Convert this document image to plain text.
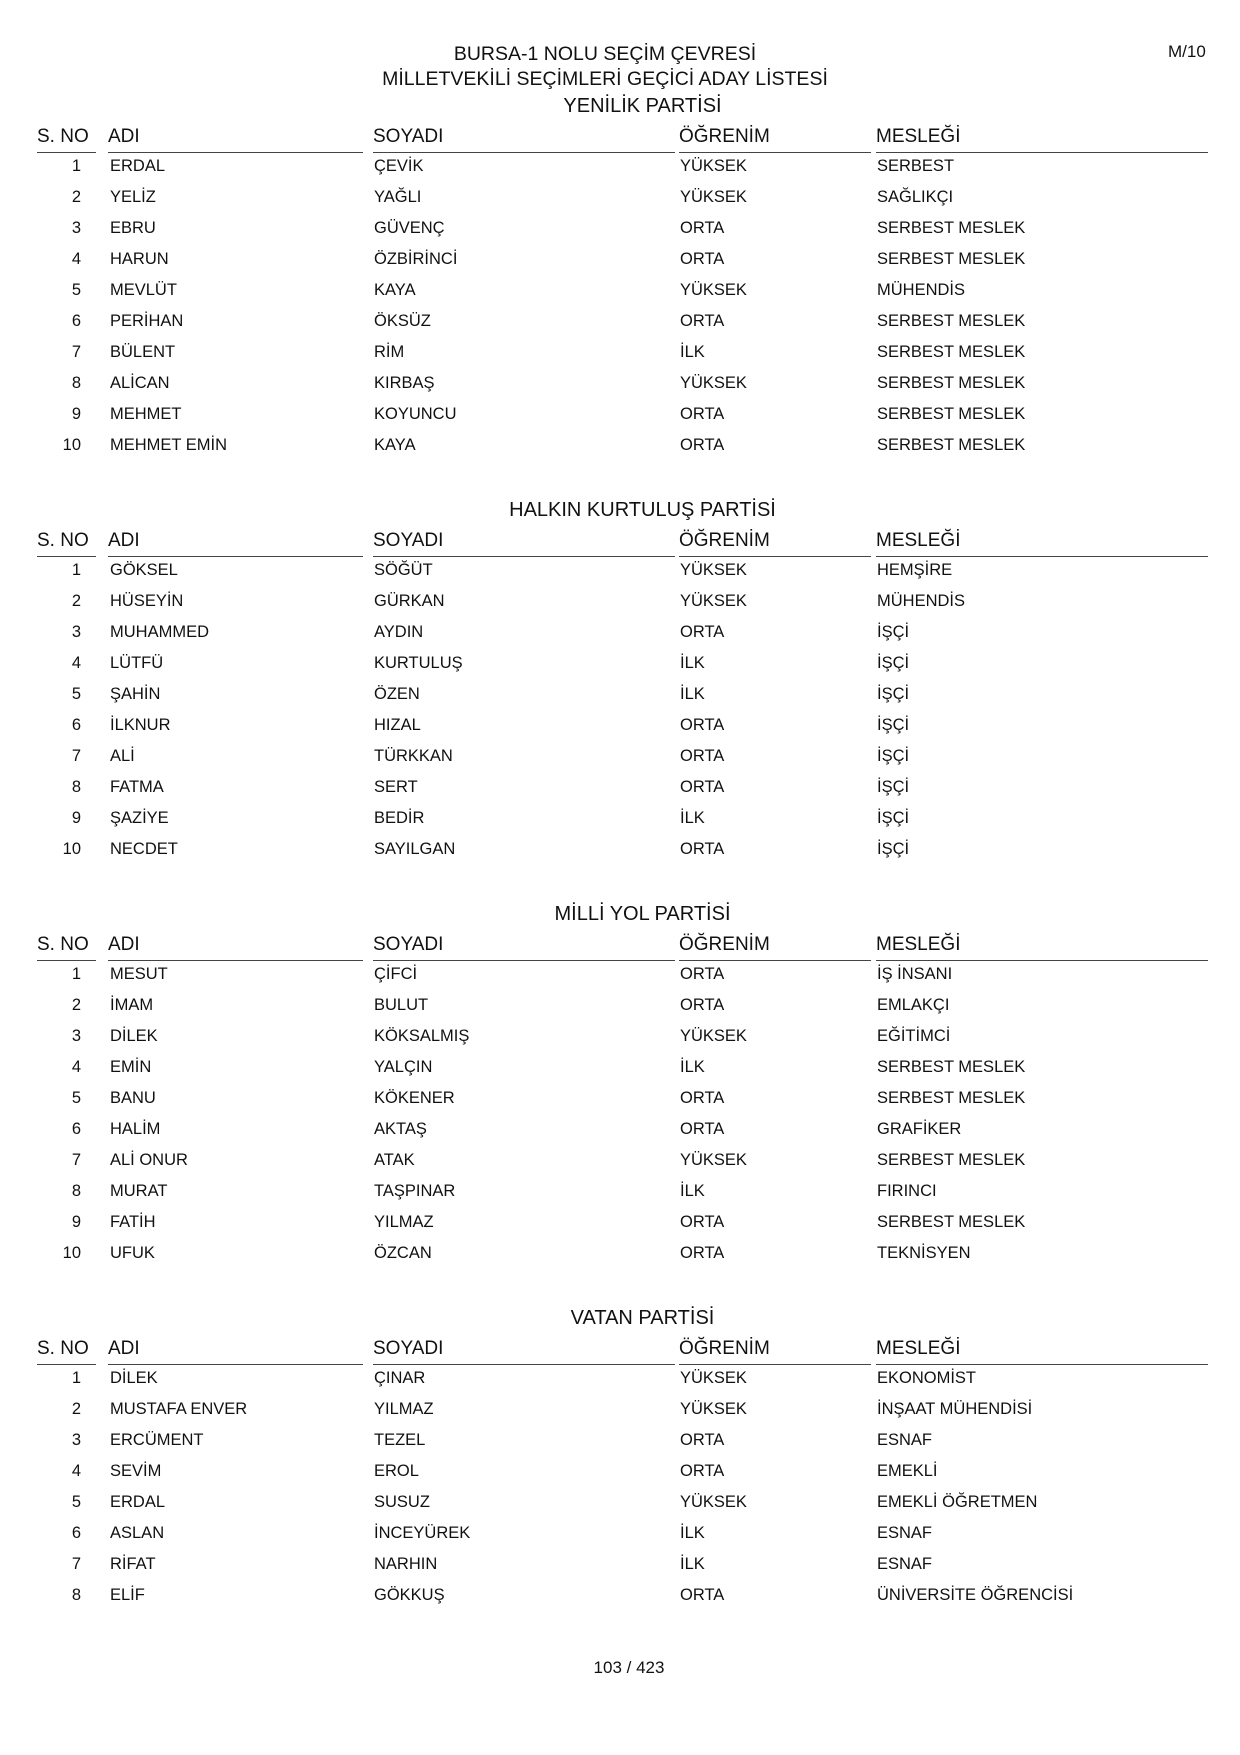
M/10
BURSA-1 NOLU SEÇİM ÇEVRESİ
MİLLETVEKİLİ SEÇİMLERİ GEÇİCİ ADAY LİSTESİ
YENİLİK PARTİSİ
S. NO	ADI	SOYADI	ÖĞRENİM	MESLEĞİ
1 ERDAL	ÇEVİK	YÜKSEK	SERBEST
2 YELİZ	YAĞLI	YÜKSEK	SAĞLIKÇI
3 EBRU	GÜVENÇ	ORTA	SERBEST MESLEK
4 HARUN	ÖZBİRİNCİ	ORTA	SERBEST MESLEK
5 MEVLÜT	KAYA	YÜKSEK	MÜHENDİS
6 PERİHAN	ÖKSÜZ	ORTA	SERBEST MESLEK
7 BÜLENT	RİM	İLK	SERBEST MESLEK
8 ALİCAN	KIRBAŞ	YÜKSEK	SERBEST MESLEK
9 MEHMET	KOYUNCU	ORTA	SERBEST MESLEK
10 MEHMET EMİN	KAYA	ORTA	SERBEST MESLEK
HALKIN KURTULUŞ PARTİSİ
S. NO	ADI	SOYADI	ÖĞRENİM	MESLEĞİ
1 GÖKSEL	SÖĞÜT	YÜKSEK	HEMŞİRE
2 HÜSEYİN	GÜRKAN	YÜKSEK	MÜHENDİS
3 MUHAMMED	AYDIN	ORTA	İŞÇİ
4 LÜTFÜ	KURTULUŞ	İLK	İŞÇİ
5 ŞAHİN	ÖZEN	İLK	İŞÇİ
6 İLKNUR	HIZAL	ORTA	İŞÇİ
7 ALİ	TÜRKKAN	ORTA	İŞÇİ
8 FATMA	SERT	ORTA	İŞÇİ
9 ŞAZİYE	BEDİR	İLK	İŞÇİ
10 NECDET	SAYILGAN	ORTA	İŞÇİ
MİLLİ YOL PARTİSİ
S. NO	ADI	SOYADI	ÖĞRENİM	MESLEĞİ
1 MESUT	ÇİFCİ	ORTA	İŞ İNSANI
2 İMAM	BULUT	ORTA	EMLAKÇI
3 DİLEK	KÖKSALMIŞ	YÜKSEK	EĞİTİMCİ
4 EMİN	YALÇIN	İLK	SERBEST MESLEK
5 BANU	KÖKENER	ORTA	SERBEST MESLEK
6 HALİM	AKTAŞ	ORTA	GRAFİKER
7 ALİ ONUR	ATAK	YÜKSEK	SERBEST MESLEK
8 MURAT	TAŞPINAR	İLK	FIRINCI
9 FATİH	YILMAZ	ORTA	SERBEST MESLEK
10 UFUK	ÖZCAN	ORTA	TEKNİSYEN
VATAN PARTİSİ
S. NO	ADI	SOYADI	ÖĞRENİM	MESLEĞİ
1 DİLEK	ÇINAR	YÜKSEK	EKONOMİST
2 MUSTAFA ENVER	YILMAZ	YÜKSEK	İNŞAAT MÜHENDİSİ
3 ERCÜMENT	TEZEL	ORTA	ESNAF
4 SEVİM	EROL	ORTA	EMEKLİ
5 ERDAL	SUSUZ	YÜKSEK	EMEKLİ ÖĞRETMEN
6 ASLAN	İNCEYÜREK	İLK	ESNAF
7 RİFAT	NARHIN	İLK	ESNAF
8 ELİF	GÖKKUŞ	ORTA	ÜNİVERSİTE ÖĞRENCİSİ
103 / 423
